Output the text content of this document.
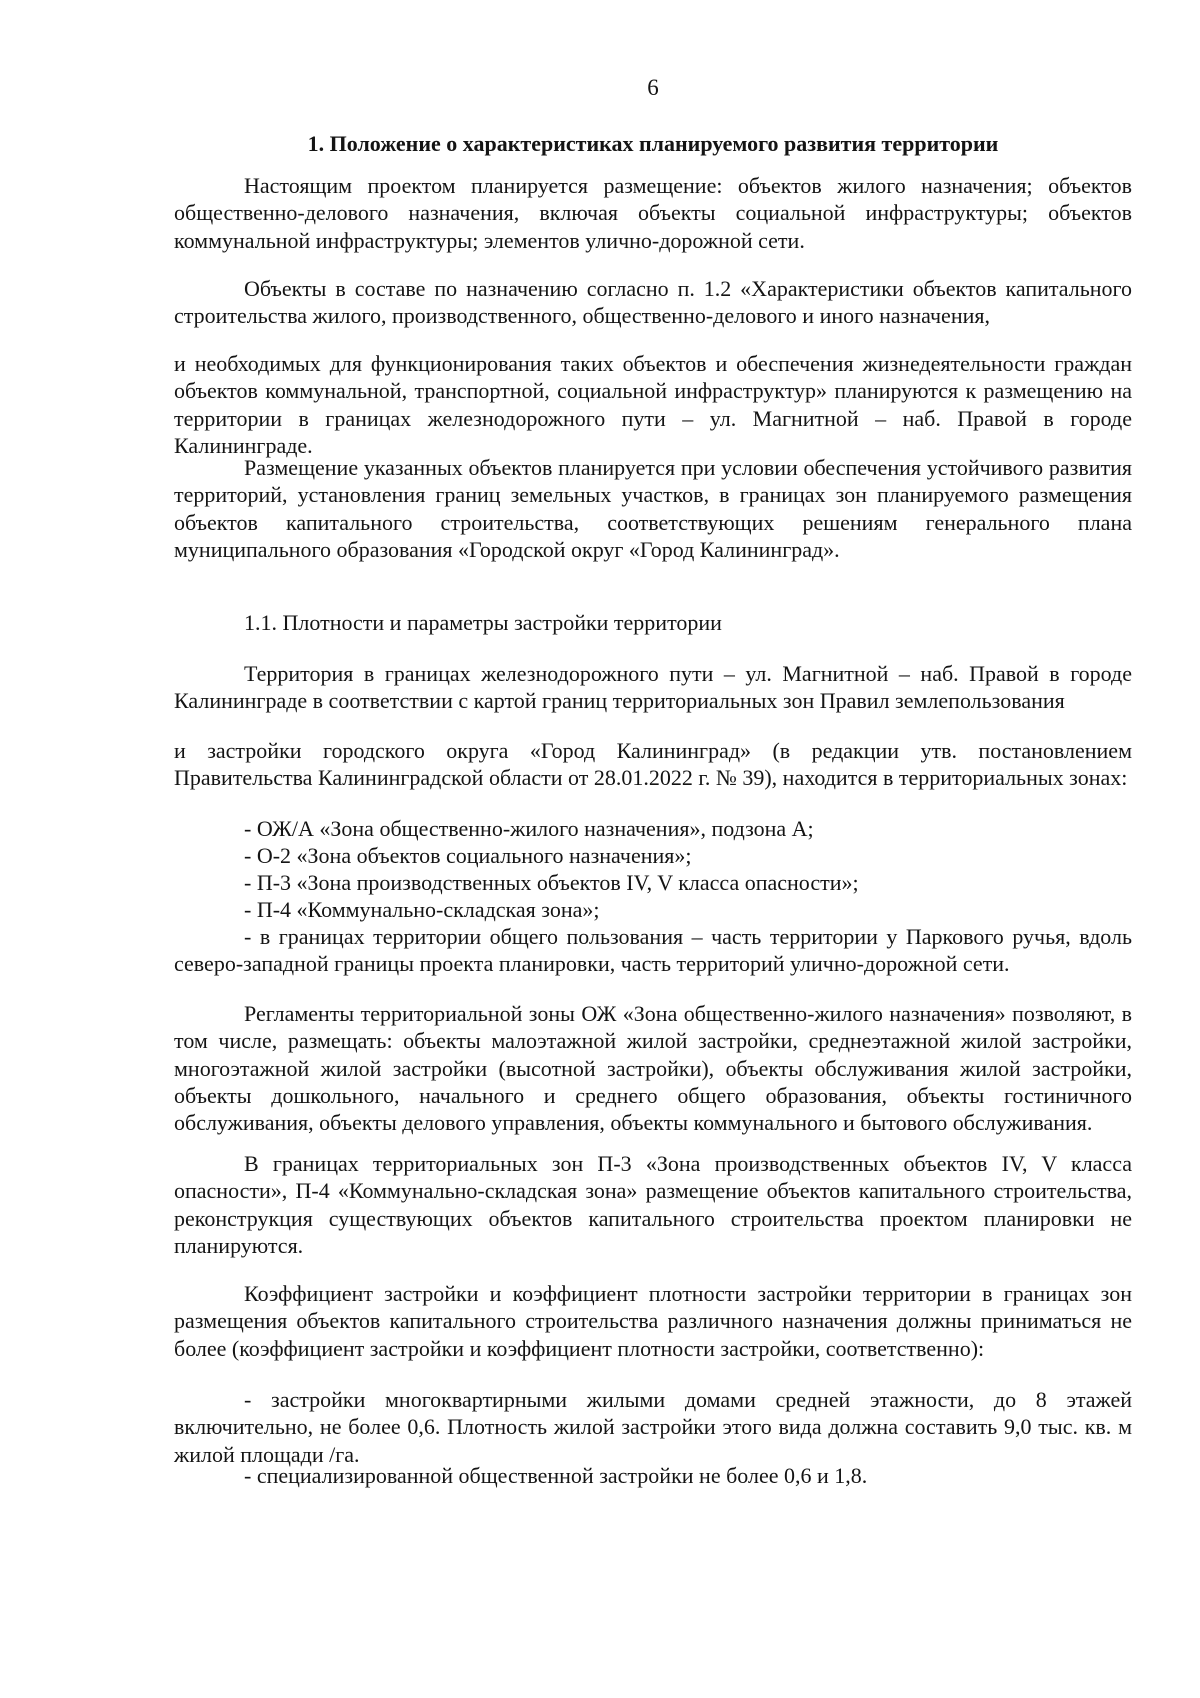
6
1. Положение о характеристиках планируемого развития территории

Настоящим проектом планируется размещение: объектов жилого назначения; объектов общественно-делового назначения, включая объекты социальной инфраструктуры; объектов коммунальной инфраструктуры; элементов улично-дорожной сети.

Объекты в составе по назначению согласно п. 1.2 «Характеристики объектов капитального строительства жилого, производственного, общественно-делового и иного назначения,

и необходимых для функционирования таких объектов и обеспечения жизнедеятельности граждан объектов коммунальной, транспортной, социальной инфраструктур» планируются к размещению на территории в границах железнодорожного пути – ул. Магнитной – наб. Правой в городе Калининграде.

Размещение указанных объектов планируется при условии обеспечения устойчивого развития территорий, установления границ земельных участков, в границах зон планируемого размещения объектов капитального строительства, соответствующих решениям генерального плана муниципального образования «Городской округ «Город Калининград».

1.1. Плотности и параметры застройки территории

Территория в границах железнодорожного пути – ул. Магнитной – наб. Правой в городе Калининграде в соответствии с картой границ территориальных зон Правил землепользования

и застройки городского округа «Город Калининград» (в редакции утв. постановлением Правительства Калининградской области от 28.01.2022 г. № 39), находится в территориальных зонах:

- ОЖ/А «Зона общественно-жилого назначения», подзона А;

- О-2 «Зона объектов социального назначения»;

- П-3 «Зона производственных объектов IV, V класса опасности»;

- П-4 «Коммунально-складская зона»;

- в границах территории общего пользования – часть территории у Паркового ручья, вдоль северо-западной границы проекта планировки, часть территорий улично-дорожной сети.

Регламенты территориальной зоны ОЖ «Зона общественно-жилого назначения» позволяют, в том числе, размещать: объекты малоэтажной жилой застройки, среднеэтажной жилой застройки, многоэтажной жилой застройки (высотной застройки), объекты обслуживания жилой застройки, объекты дошкольного, начального и среднего общего образования, объекты гостиничного обслуживания, объекты делового управления, объекты коммунального и бытового обслуживания.

В границах территориальных зон П-3 «Зона производственных объектов IV, V класса опасности», П-4 «Коммунально-складская зона» размещение объектов капитального строительства, реконструкция существующих объектов капитального строительства проектом планировки не планируются.

Коэффициент застройки и коэффициент плотности застройки территории в границах зон размещения объектов капитального строительства различного назначения должны приниматься не более (коэффициент застройки и коэффициент плотности застройки, соответственно):

- застройки многоквартирными жилыми домами средней этажности, до 8 этажей включительно, не более 0,6. Плотность жилой застройки этого вида должна составить 9,0 тыс. кв. м жилой площади /га.

- специализированной общественной застройки не более 0,6 и 1,8.
